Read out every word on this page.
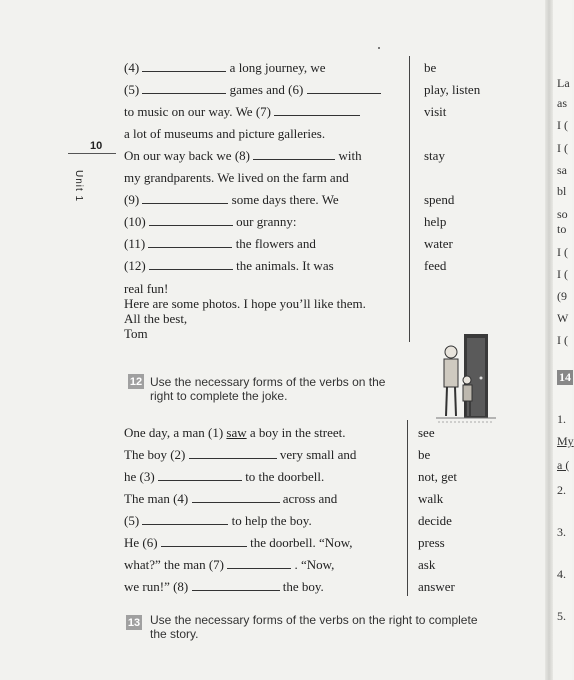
10
Unit 1
(4)	a long journey, we
(5)	games and (6)
to music on our way. We (7)
a lot of museums and picture galleries.
On our way back we (8)	with
my grandparents. We lived on the farm and
(9)	some days there. We
(10)	our granny:
(11)	the flowers and
(12)	the animals. It was
real fun!
Here are some photos. I hope you’ll like them.
All the best,
Tom
be
play, listen
visit
stay
spend
help
water
feed
12 Use the necessary forms of the verbs on the
right to complete the joke.
One day, a man (1) saw a boy in the street.
The boy (2)	very small and
he (3)	to the doorbell.
The man (4)	across and
(5)	to help the boy.
He (6)	the doorbell. “Now,
what?” the man (7)	. “Now,
we run!” (8)	the boy.
see
be
not, get
walk
decide
press
ask
answer
13 Use the necessary forms of the verbs on the right to complete
the story.
La
as
I (
I (
sa
bl
so
to
I (
I (
(9
W
I (
14
1.
My
a (
2.
3.
4.
5.
